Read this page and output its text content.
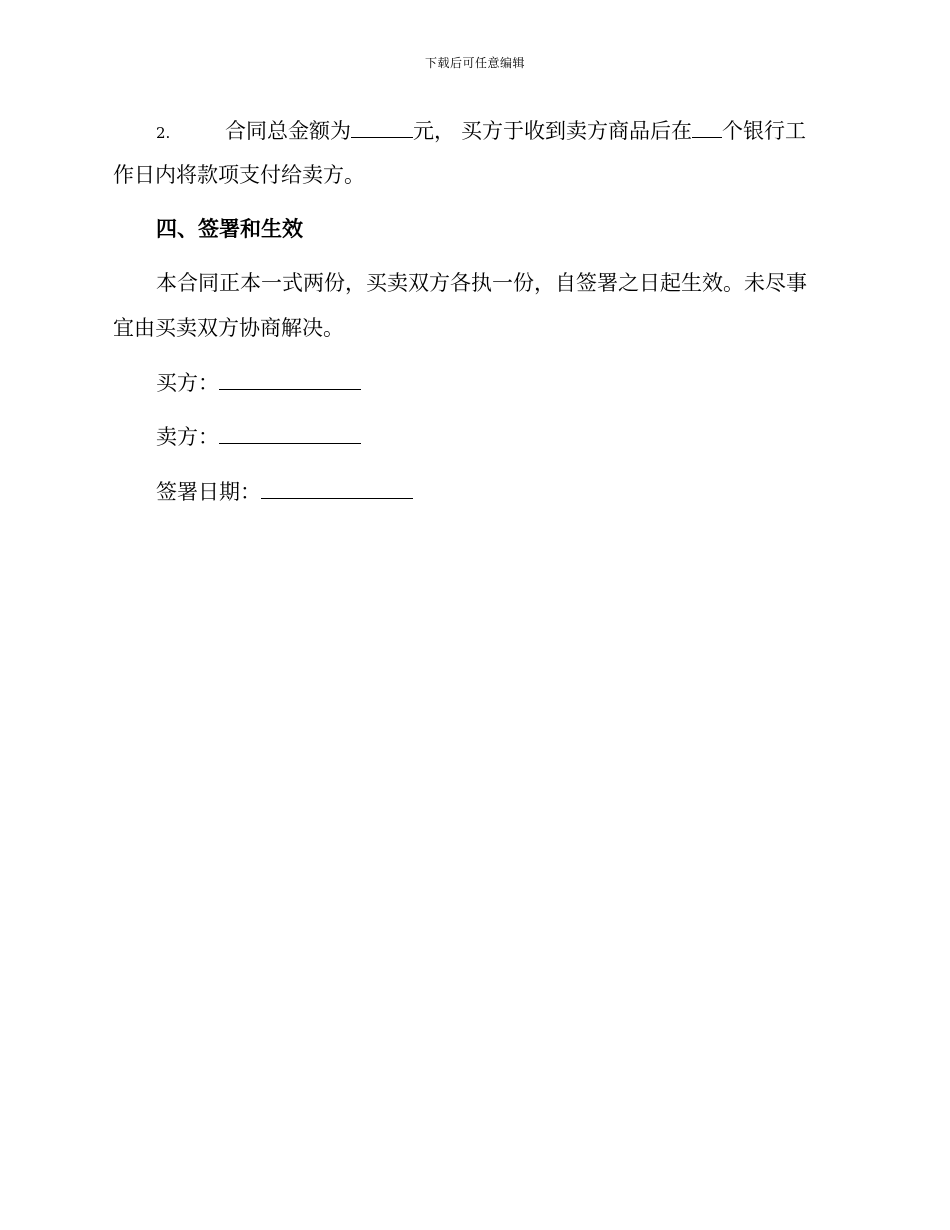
下载后可任意编辑
2.	合同总金额为	元， 买方于收到卖方商品后在 个银行工
作日内将款项支付给卖方。
四、签署和生效
本合同正本一式两份，买卖双方各执一份，自签署之日起生效。未尽事
宜由买卖双方协商解决。
买方：
卖方：
签署日期：
